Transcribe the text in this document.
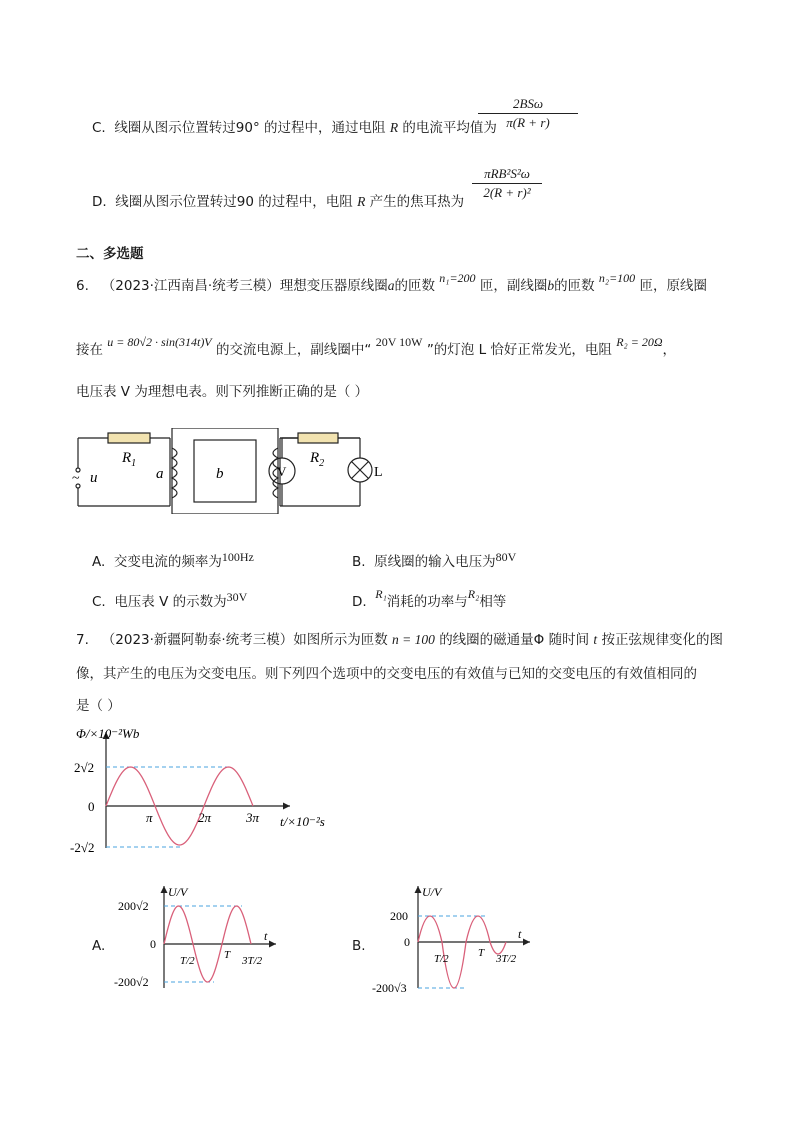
C. 线圈从图示位置转过90° 的过程中，通过电阻 R 的电流平均值为
2BSω
π(R + r)
D. 线圈从图示位置转过90 的过程中，电阻 R 产生的焦耳热为
πRB²S²ω
2(R + r)²
二、多选题
6. （2023·江西南昌·统考三模）理想变压器原线圈a的匝数 n₁=200 匝，副线圈b的匝数 n₂=100 匝，原线圈
接在 u = 80√2 · sin(314t)V 的交流电源上，副线圈中“ 20V 10W ”的灯泡 L 恰好正常发光，电阻 R₂ = 20Ω，
电压表 V 为理想电表。则下列推断正确的是（ ）
$R_1$	$R_2$
a	b
~ u	V	L
A. 交变电流的频率为100Hz	B. 原线圈的输入电压为80V
C. 电压表 V 的示数为30V	D. R₁消耗的功率与R₂相等
7. （2023·新疆阿勒泰·统考三模）如图所示为匝数 n = 100 的线圈的磁通量Φ 随时间 t 按正弦规律变化的图
像，其产生的电压为交变电压。则下列四个选项中的交变电压的有效值与已知的交变电压的有效值相同的
是（ ）
Φ/×10⁻²Wb
2√2
0
-2√2
π	2π	3π t/×10⁻²s
A.
U/V
200√2
0
-200√2
T/2	T 3T/2
t
B.
U/V
200
0
-200√3
T/2	T 3T/2
t
